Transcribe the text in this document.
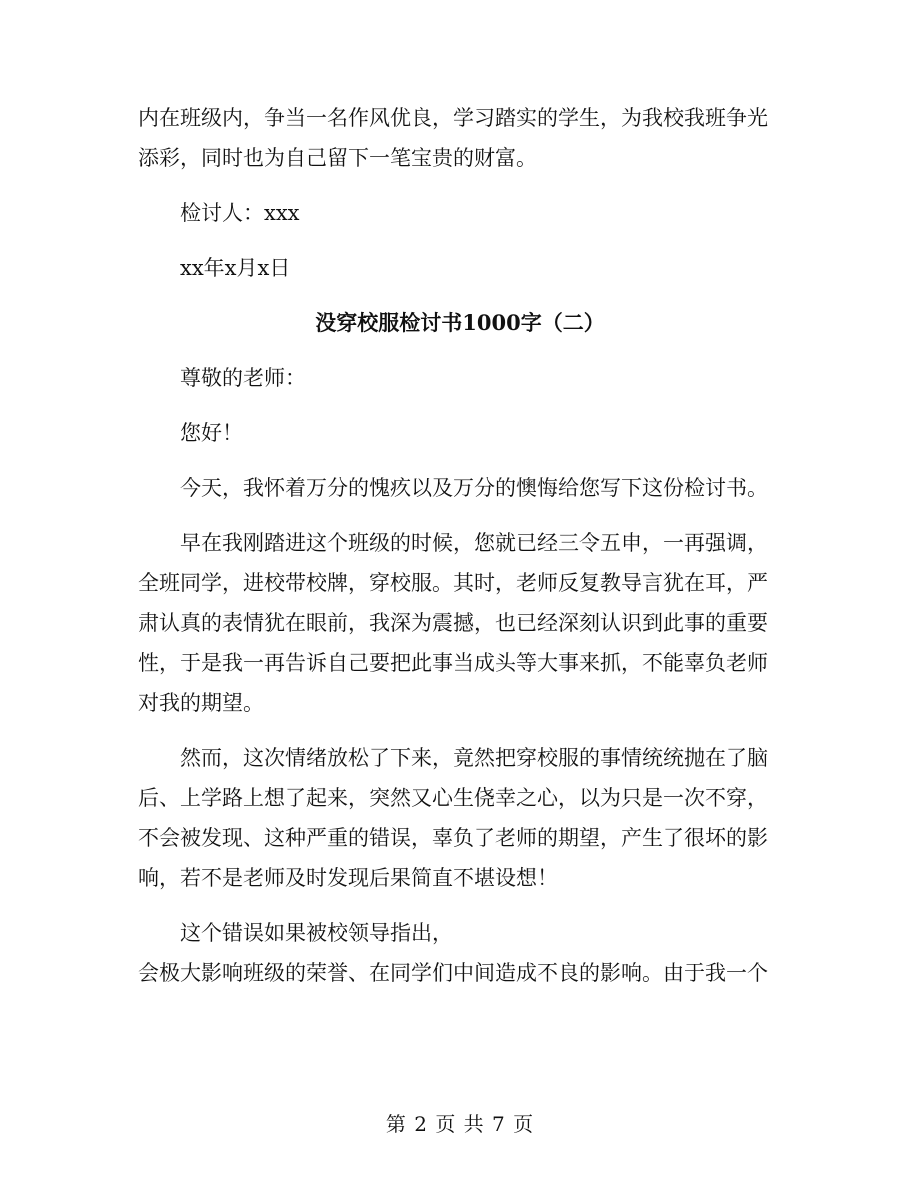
内在班级内，争当一名作风优良，学习踏实的学生，为我校我班争光
添彩，同时也为自己留下一笔宝贵的财富。
检讨人：xxx
xx年x月x日
没穿校服检讨书1000字（二）
尊敬的老师：
您好！
今天，我怀着万分的愧疚以及万分的懊悔给您写下这份检讨书。
早在我刚踏进这个班级的时候，您就已经三令五申，一再强调，
全班同学，进校带校牌，穿校服。其时，老师反复教导言犹在耳，严
肃认真的表情犹在眼前，我深为震撼，也已经深刻认识到此事的重要
性，于是我一再告诉自己要把此事当成头等大事来抓，不能辜负老师
对我的期望。
然而，这次情绪放松了下来，竟然把穿校服的事情统统抛在了脑
后、上学路上想了起来，突然又心生侥幸之心，以为只是一次不穿，
不会被发现、这种严重的错误，辜负了老师的期望，产生了很坏的影
响，若不是老师及时发现后果简直不堪设想！
这个错误如果被校领导指出，
会极大影响班级的荣誉、在同学们中间造成不良的影响。由于我一个
第 2 页 共 7 页
